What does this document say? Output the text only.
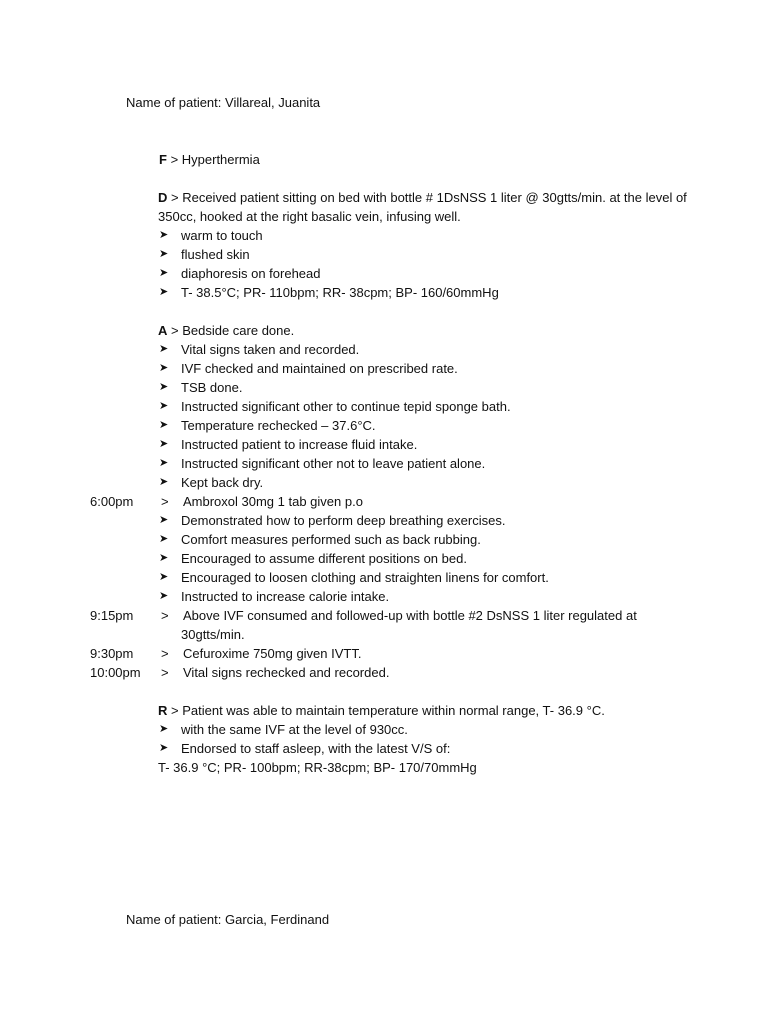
Name of patient: Villareal, Juanita
F > Hyperthermia
D > Received patient sitting on bed with bottle # 1DsNSS 1 liter @ 30gtts/min. at the level of 350cc, hooked at the right basalic vein, infusing well.
➤ warm to touch
➤ flushed skin
➤ diaphoresis on forehead
➤ T- 38.5°C; PR- 110bpm; RR- 38cpm; BP- 160/60mmHg
A > Bedside care done.
➤ Vital signs taken and recorded.
➤ IVF checked and maintained on prescribed rate.
➤ TSB done.
➤ Instructed significant other to continue tepid sponge bath.
➤ Temperature rechecked – 37.6°C.
➤ Instructed patient to increase fluid intake.
➤ Instructed significant other not to leave patient alone.
➤ Kept back dry.
6:00pm > Ambroxol 30mg 1 tab given p.o
➤ Demonstrated how to perform deep breathing exercises.
➤ Comfort measures performed such as back rubbing.
➤ Encouraged to assume different positions on bed.
➤ Encouraged to loosen clothing and straighten linens for comfort.
➤ Instructed to increase calorie intake.
9:15pm > Above IVF consumed and followed-up with bottle #2 DsNSS 1 liter regulated at
30gtts/min.
9:30pm > Cefuroxime 750mg given IVTT.
10:00pm > Vital signs rechecked and recorded.
R > Patient was able to maintain temperature within normal range, T- 36.9 °C.
➤ with the same IVF at the level of 930cc.
➤ Endorsed to staff asleep, with the latest V/S of:
T- 36.9 °C; PR- 100bpm; RR-38cpm; BP- 170/70mmHg
Name of patient: Garcia, Ferdinand
